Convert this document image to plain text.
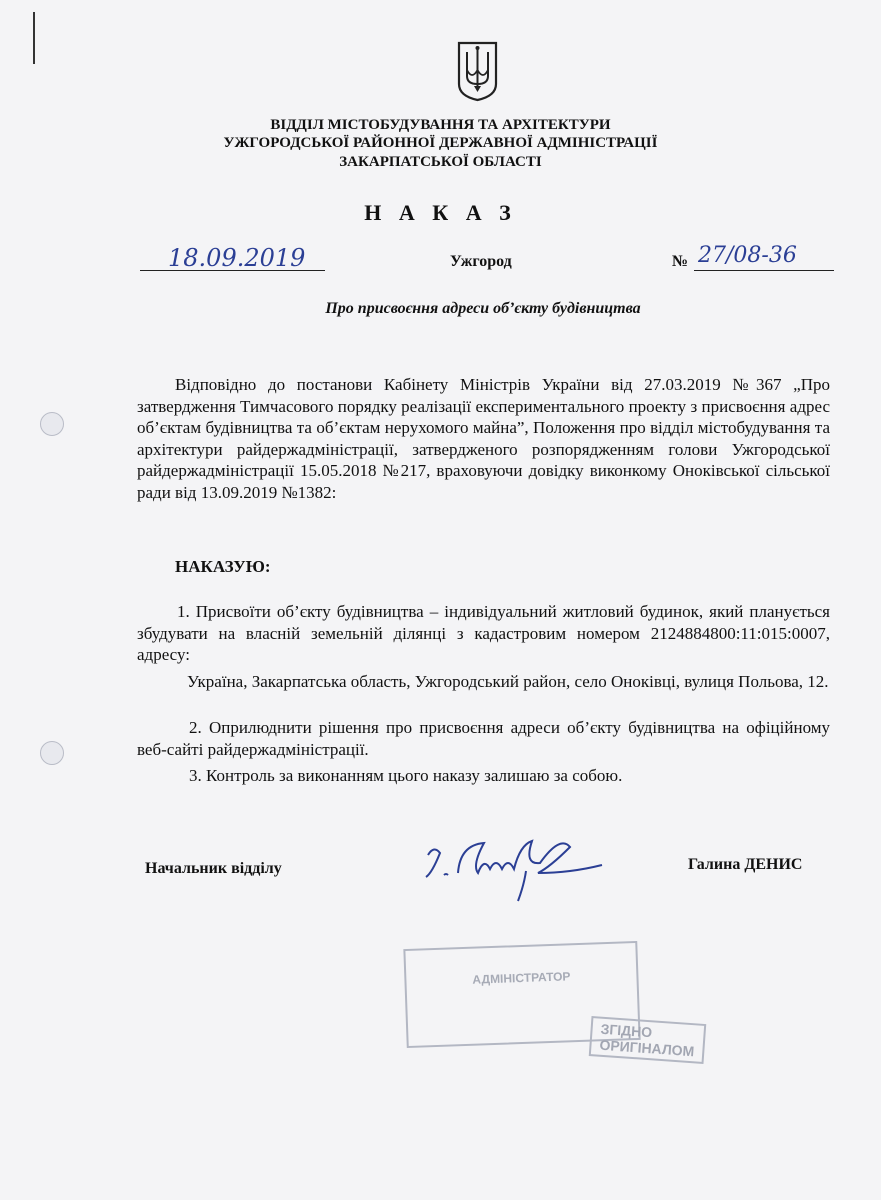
ВІДДІЛ МІСТОБУДУВАННЯ ТА АРХІТЕКТУРИ
УЖГОРОДСЬКОЇ РАЙОННОЇ ДЕРЖАВНОЇ АДМІНІСТРАЦІЇ
ЗАКАРПАТСЬКОЇ ОБЛАСТІ
Н А К А З
18.09.2019	Ужгород	№ 27/08-36
Про присвоєння адреси об’єкту будівництва
Відповідно до постанови Кабінету Міністрів України від 27.03.2019 №367 „Про затвердження Тимчасового порядку реалізації експериментального проекту з присвоєння адрес об’єктам будівництва та об’єктам нерухомого майна”, Положення про відділ містобудування та архітектури райдержадміністрації, затвердженого розпорядженням голови Ужгородської райдержадміністрації 15.05.2018 №217, враховуючи довідку виконкому Оноківської сільської ради від 13.09.2019 №1382:
НАКАЗУЮ:
1. Присвоїти об’єкту будівництва – індивідуальний житловий будинок, який планується збудувати на власній земельній ділянці з кадастровим номером 2124884800:11:015:0007, адресу:
Україна, Закарпатська область, Ужгородський район, село Оноківці, вулиця Польова, 12.
2. Оприлюднити рішення про присвоєння адреси об’єкту будівництва на офіційному веб-сайті райдержадміністрації.
3. Контроль за виконанням цього наказу залишаю за собою.
Начальник відділу	Галина ДЕНИС
АДМІНІСТРАТОР
ЗГІДНО
ОРИГІНАЛОМ
